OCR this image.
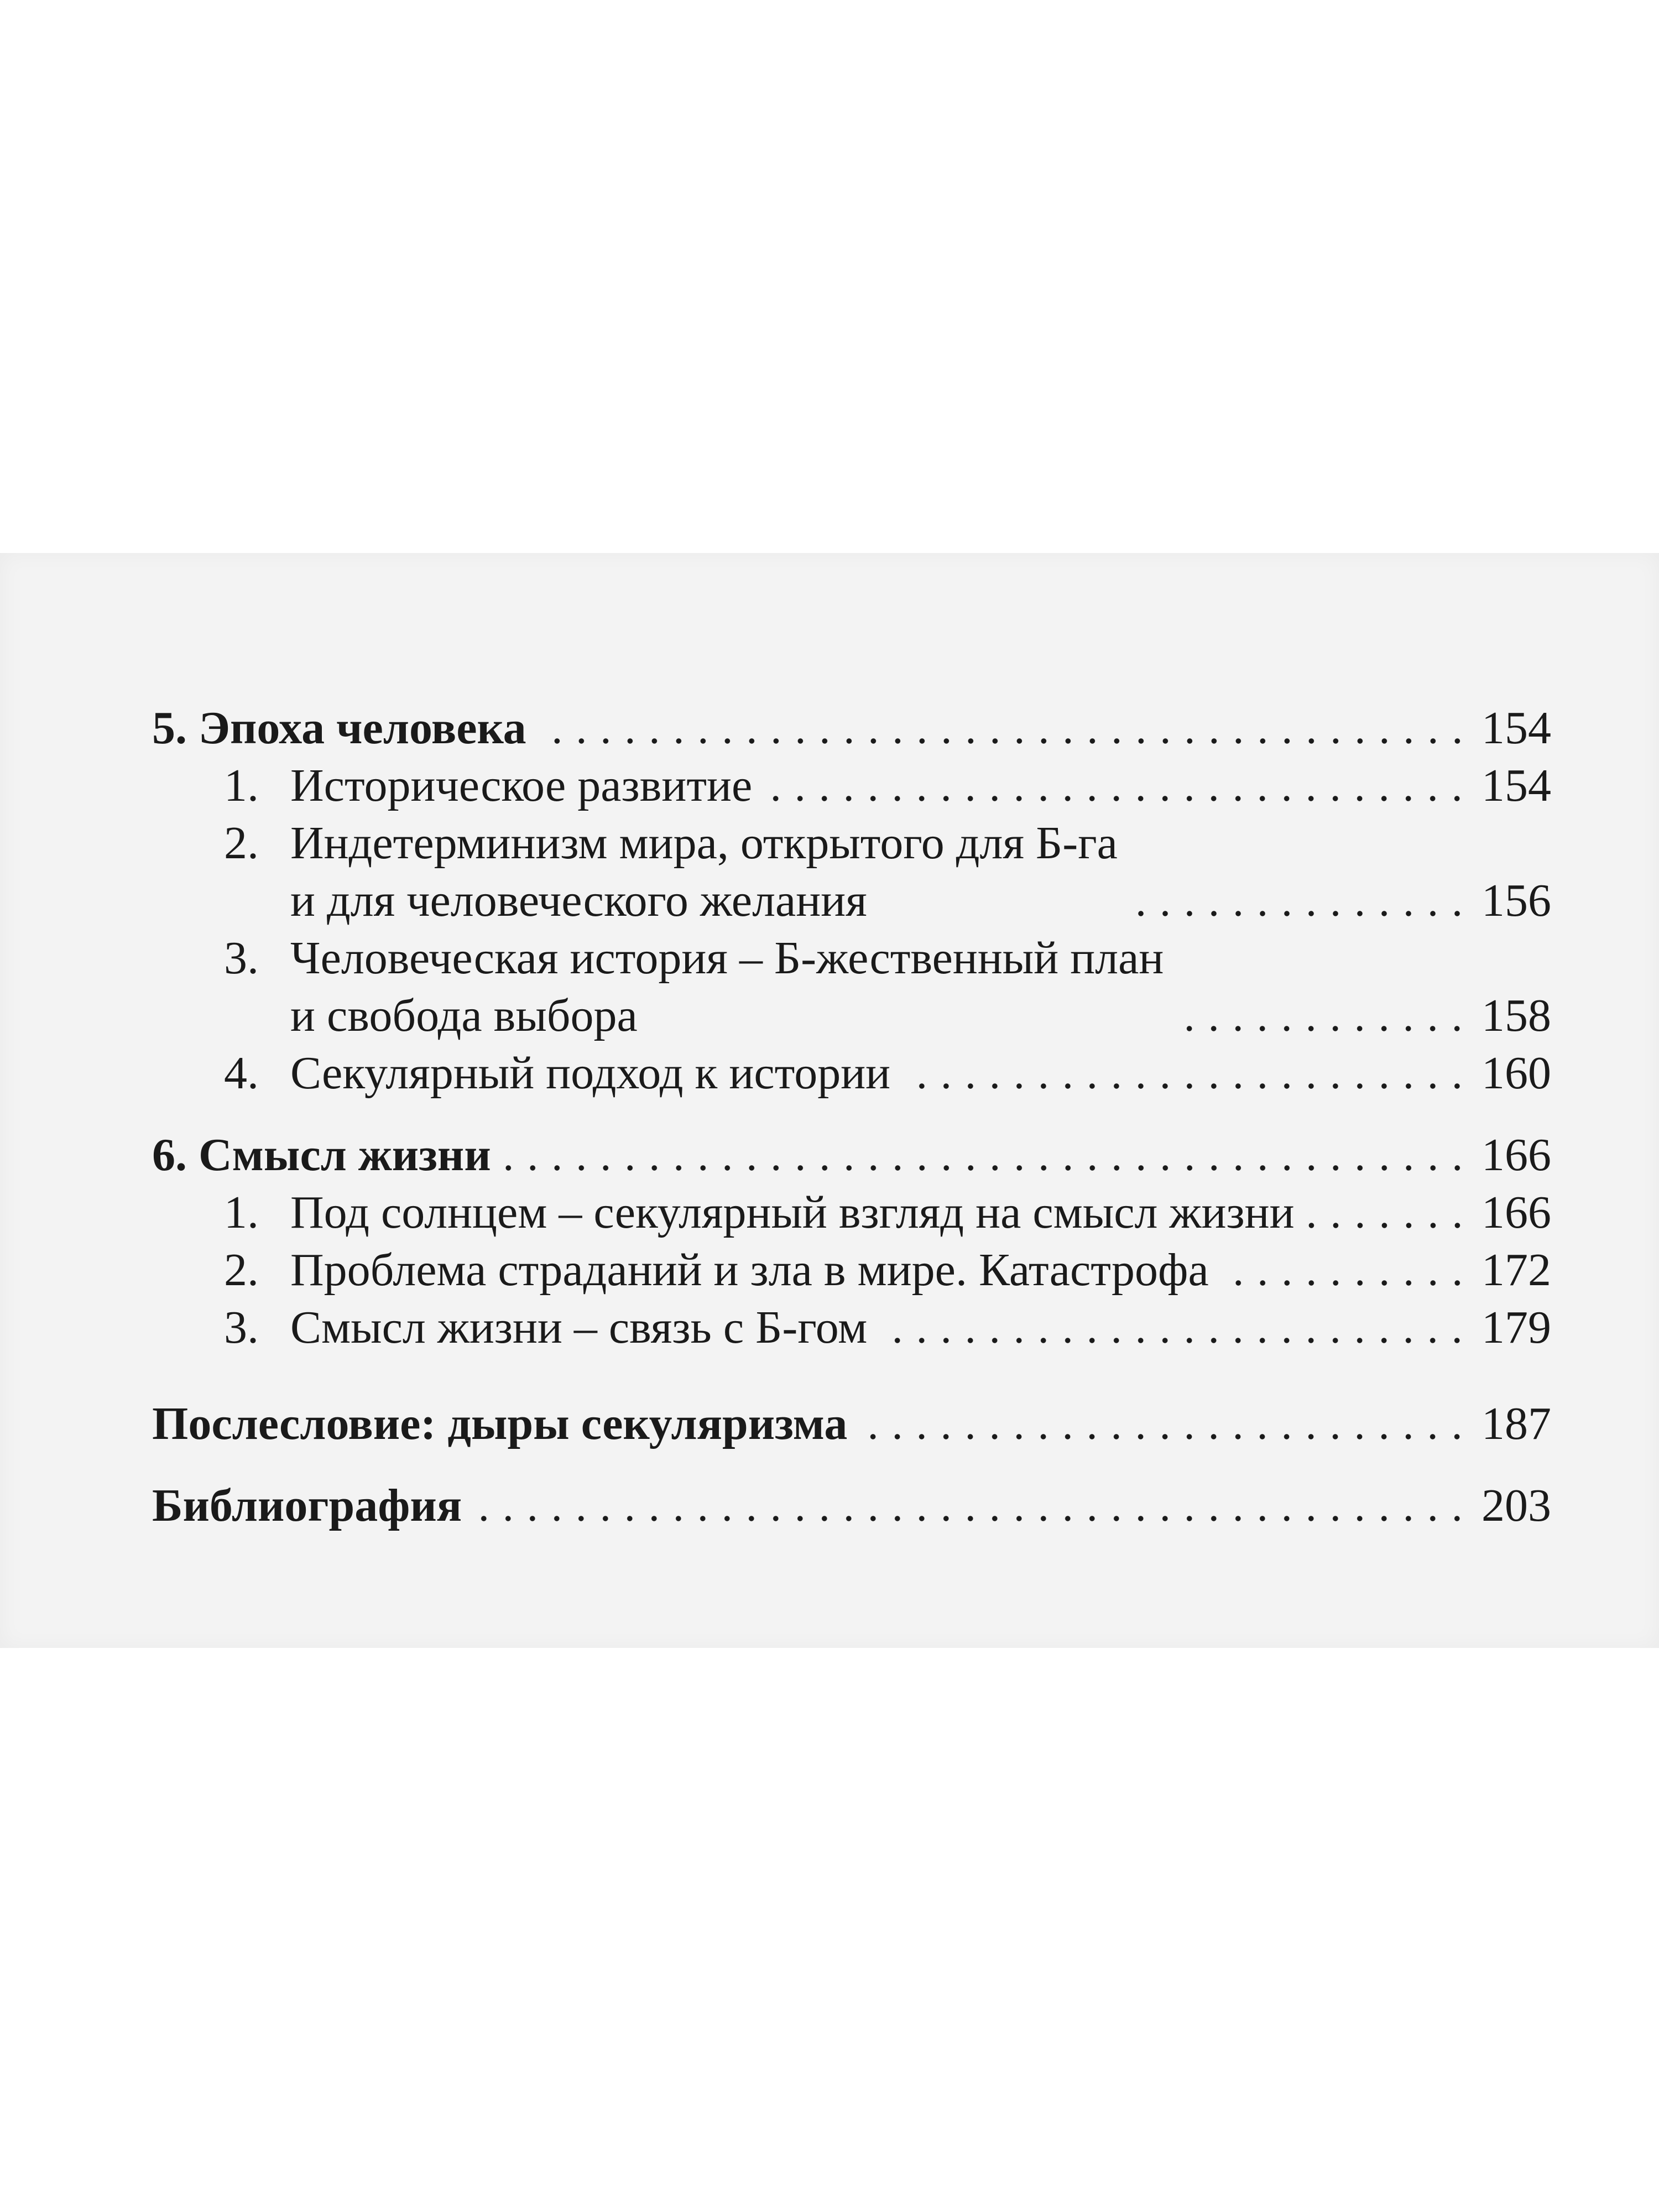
5. Эпоха человека	154
1. Историческое развитие	154
2. Индетерминизм мира, открытого для Б-га
и для человеческого желания	156
3. Человеческая история – Б-жественный план
и свобода выбора	158
4. Секулярный подход к истории	160
6. Смысл жизни	166
1. Под солнцем – секулярный взгляд на смысл жизни	166
2. Проблема страданий и зла в мире. Катастрофа	172
3. Смысл жизни – связь с Б-гом	179
Послесловие: дыры секуляризма	187
Библиография	203
